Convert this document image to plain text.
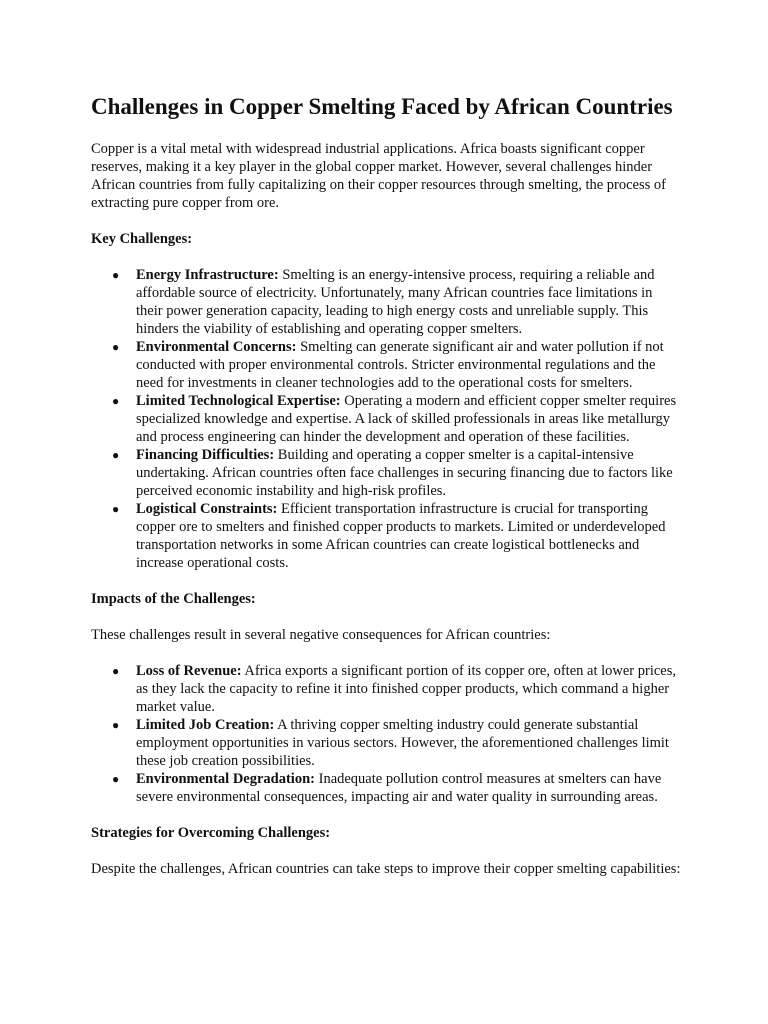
Challenges in Copper Smelting Faced by African Countries

Copper is a vital metal with widespread industrial applications. Africa boasts significant copper reserves, making it a key player in the global copper market. However, several challenges hinder African countries from fully capitalizing on their copper resources through smelting, the process of extracting pure copper from ore.

Key Challenges:

● Energy Infrastructure: Smelting is an energy-intensive process, requiring a reliable and affordable source of electricity. Unfortunately, many African countries face limitations in their power generation capacity, leading to high energy costs and unreliable supply. This hinders the viability of establishing and operating copper smelters.
● Environmental Concerns: Smelting can generate significant air and water pollution if not conducted with proper environmental controls. Stricter environmental regulations and the need for investments in cleaner technologies add to the operational costs for smelters.
● Limited Technological Expertise: Operating a modern and efficient copper smelter requires specialized knowledge and expertise. A lack of skilled professionals in areas like metallurgy and process engineering can hinder the development and operation of these facilities.
● Financing Difficulties: Building and operating a copper smelter is a capital-intensive undertaking. African countries often face challenges in securing financing due to factors like perceived economic instability and high-risk profiles.
● Logistical Constraints: Efficient transportation infrastructure is crucial for transporting copper ore to smelters and finished copper products to markets. Limited or underdeveloped transportation networks in some African countries can create logistical bottlenecks and increase operational costs.

Impacts of the Challenges:

These challenges result in several negative consequences for African countries:

● Loss of Revenue: Africa exports a significant portion of its copper ore, often at lower prices, as they lack the capacity to refine it into finished copper products, which command a higher market value.
● Limited Job Creation: A thriving copper smelting industry could generate substantial employment opportunities in various sectors. However, the aforementioned challenges limit these job creation possibilities.
● Environmental Degradation: Inadequate pollution control measures at smelters can have severe environmental consequences, impacting air and water quality in surrounding areas.

Strategies for Overcoming Challenges:

Despite the challenges, African countries can take steps to improve their copper smelting capabilities:
